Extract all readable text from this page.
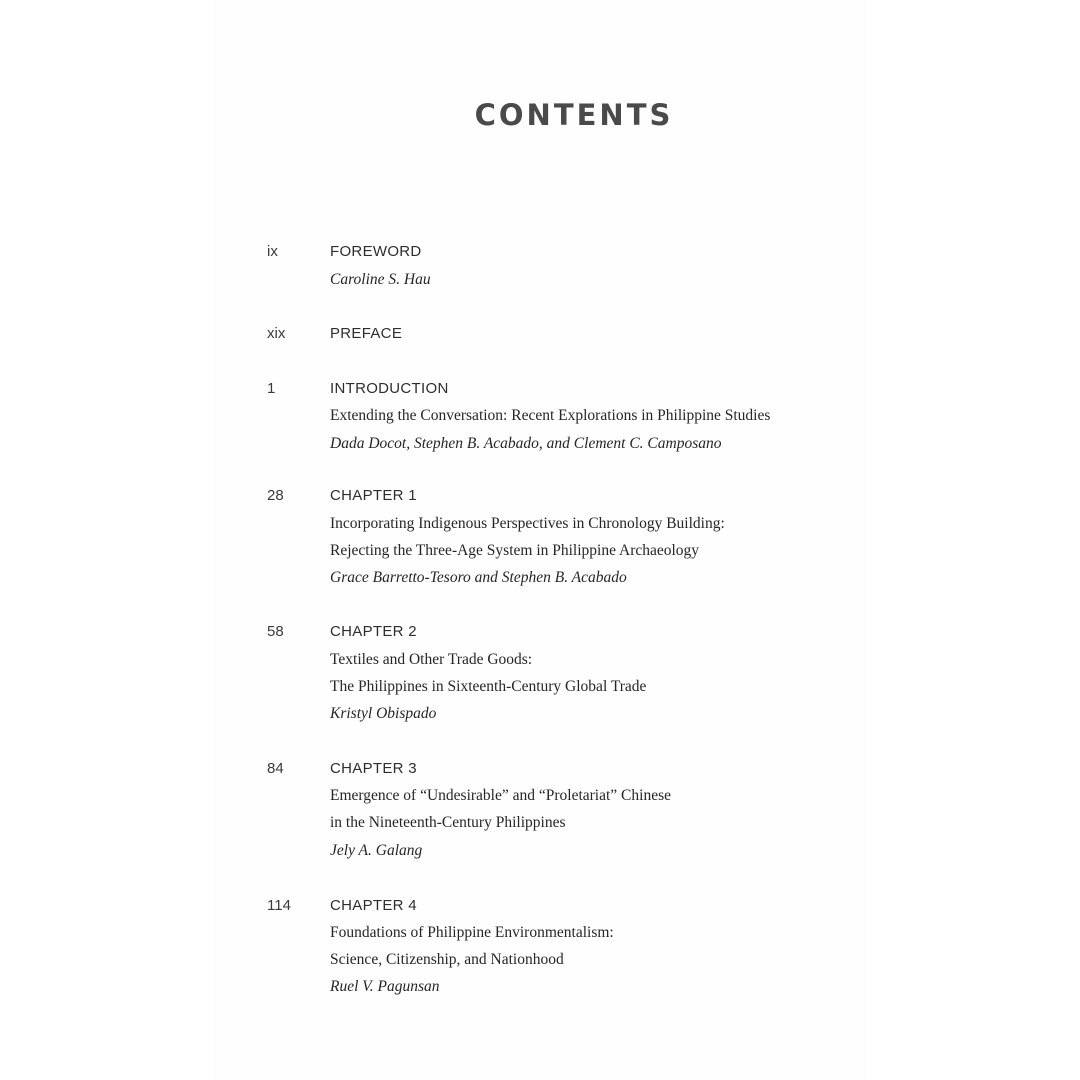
CONTENTS
ix	FOREWORD
Caroline S. Hau
xix	PREFACE
1	INTRODUCTION
Extending the Conversation: Recent Explorations in Philippine Studies
Dada Docot, Stephen B. Acabado, and Clement C. Camposano
28	CHAPTER 1
Incorporating Indigenous Perspectives in Chronology Building:
Rejecting the Three-Age System in Philippine Archaeology
Grace Barretto-Tesoro and Stephen B. Acabado
58	CHAPTER 2
Textiles and Other Trade Goods:
The Philippines in Sixteenth-Century Global Trade
Kristyl Obispado
84	CHAPTER 3
Emergence of “Undesirable” and “Proletariat” Chinese
in the Nineteenth-Century Philippines
Jely A. Galang
114	CHAPTER 4
Foundations of Philippine Environmentalism:
Science, Citizenship, and Nationhood
Ruel V. Pagunsan
